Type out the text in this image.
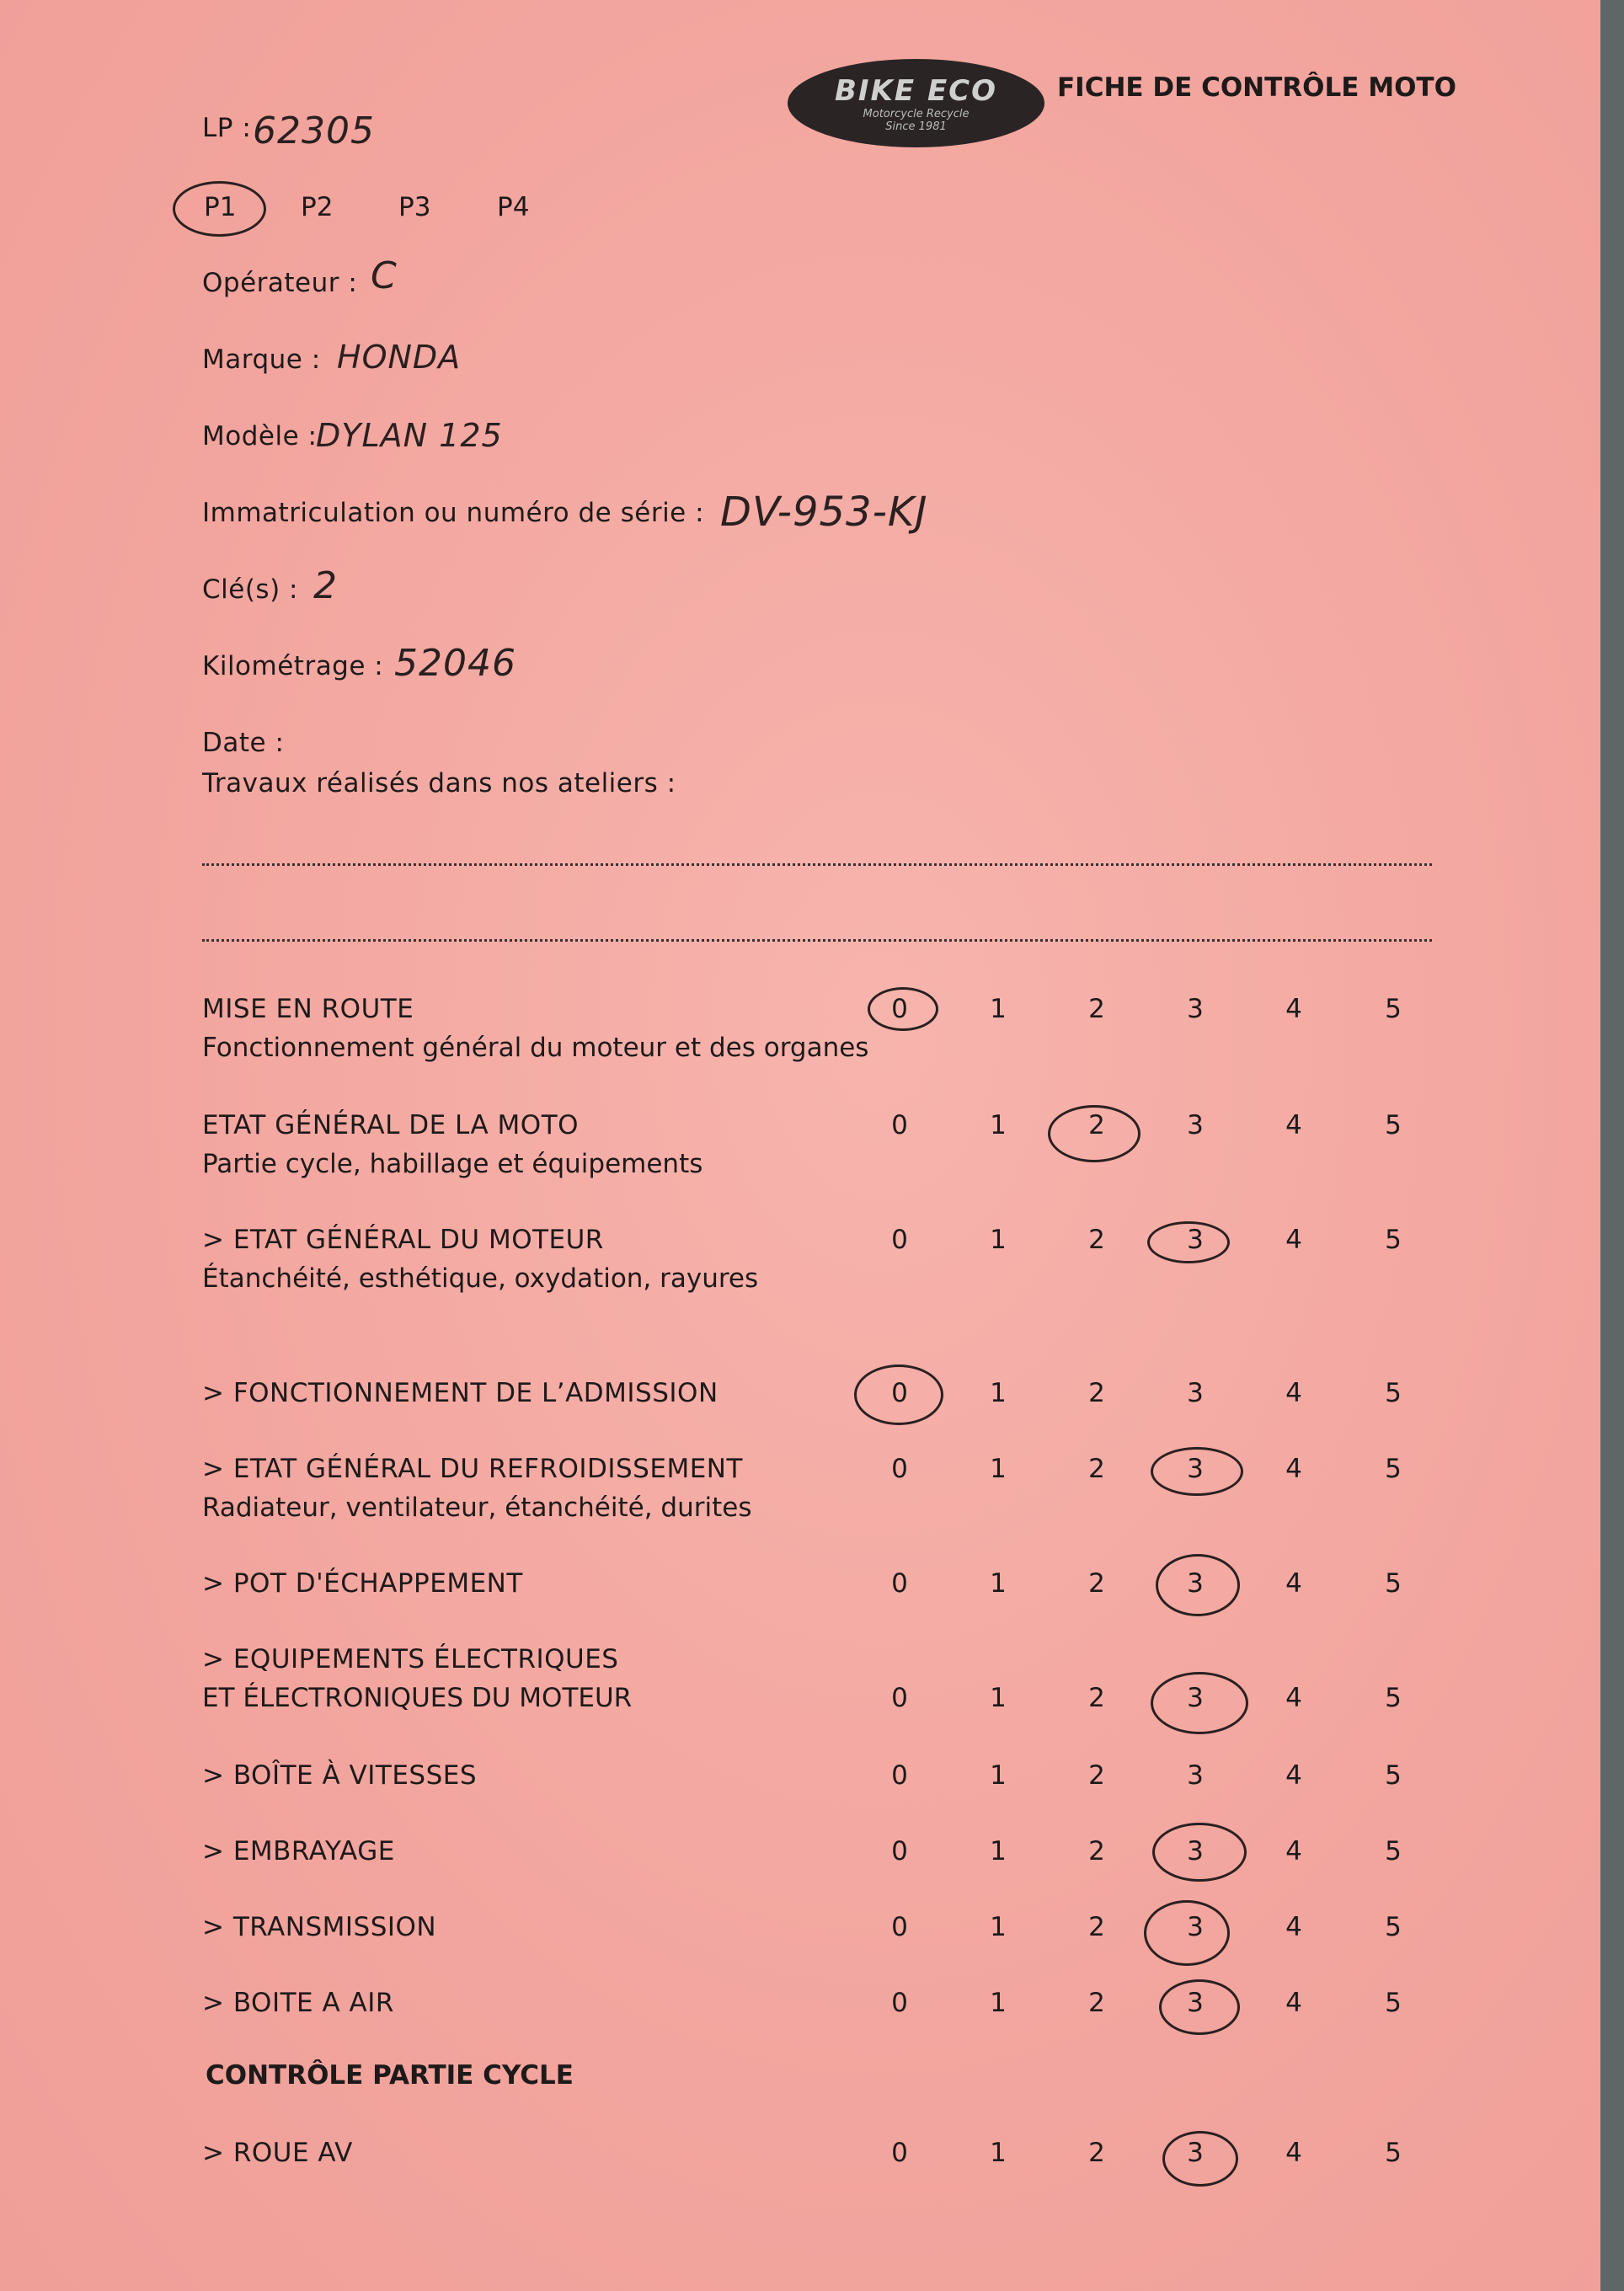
BIKE ECO
Motorcycle Recycle
Since 1981
FICHE DE CONTRÔLE MOTO
LP : 62305
P1 P2	P3	P4
Opérateur : C
Marque : HONDA
Modèle :
DYLAN 125
Immatriculation ou numéro de série : DV-953-KJ
Clé(s) : 2
Kilométrage : 52046
Date :
Travaux réalisés dans nos ateliers :
MISE EN ROUTE
Fonctionnement général du moteur et des organes
0	1	2	3	4	5
ETAT GÉNÉRAL DE LA MOTO
Partie cycle, habillage et équipements
0	1	2	3	4	5
> ETAT GÉNÉRAL DU MOTEUR
Étanchéité, esthétique, oxydation, rayures
0	1	2	3	4	5
> FONCTIONNEMENT DE L’ADMISSION	0	1	2	3	4	5
> ETAT GÉNÉRAL DU REFROIDISSEMENT
Radiateur, ventilateur, étanchéité, durites
0	1	2	3	4	5
> POT D'ÉCHAPPEMENT	0	1	2	3	4	5
> EQUIPEMENTS ÉLECTRIQUES
ET ÉLECTRONIQUES DU MOTEUR	0	1	2	3	4	5
> BOÎTE À VITESSES	0	1	2	3	4	5
> EMBRAYAGE	0	1	2	3	4	5
> TRANSMISSION	0	1	2	3	4	5
> BOITE A AIR	0	1	2	3	4	5
CONTRÔLE PARTIE CYCLE
> ROUE AV	0	1	2	3	4	5
